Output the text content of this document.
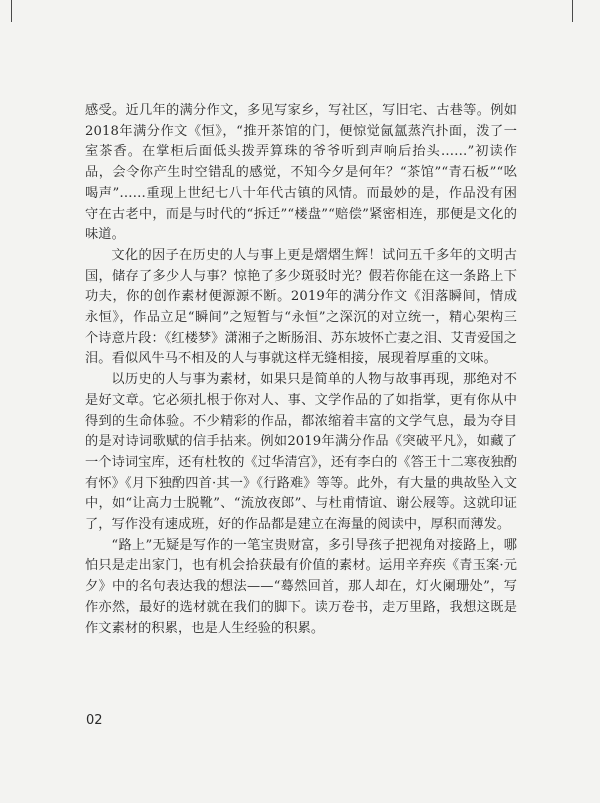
感受。近几年的满分作文，多见写家乡，写社区，写旧宅、古巷等。例如2018年满分作文《恒》，“推开茶馆的门，便惊觉氤氲蒸汽扑面，泼了一室茶香。在掌柜后面低头拨弄算珠的爷爷听到声响后抬头……”初读作品，会令你产生时空错乱的感觉，不知今夕是何年？“茶馆”“青石板”“吆喝声”……重现上世纪七八十年代古镇的风情。而最妙的是，作品没有困守在古老中，而是与时代的“拆迁”“楼盘”“赔偿”紧密相连，那便是文化的味道。

文化的因子在历史的人与事上更是熠熠生辉！试问五千多年的文明古国，储存了多少人与事？惊艳了多少斑驳时光？假若你能在这一条路上下功夫，你的创作素材便源源不断。2019年的满分作文《泪落瞬间，情成永恒》，作品立足“瞬间”之短暂与“永恒”之深沉的对立统一，精心架构三个诗意片段：《红楼梦》潇湘子之断肠泪、苏东坡怀亡妻之泪、艾青爱国之泪。看似风牛马不相及的人与事就这样无缝相接，展现着厚重的文味。

以历史的人与事为素材，如果只是简单的人物与故事再现，那绝对不是好文章。它必须扎根于你对人、事、文学作品的了如指掌，更有你从中得到的生命体验。不少精彩的作品，都浓缩着丰富的文学气息，最为夺目的是对诗词歌赋的信手拈来。例如2019年满分作品《突破平凡》，如藏了一个诗词宝库，还有杜牧的《过华清宫》，还有李白的《答王十二寒夜独酌有怀》《月下独酌四首·其一》《行路难》等等。此外，有大量的典故坠入文中，如“让高力士脱靴”、“流放夜郎”、与杜甫情谊、谢公屐等。这就印证了，写作没有速成班，好的作品都是建立在海量的阅读中，厚积而薄发。

“路上”无疑是写作的一笔宝贵财富，多引导孩子把视角对接路上，哪怕只是走出家门，也有机会拾获最有价值的素材。运用辛弃疾《青玉案·元夕》中的名句表达我的想法——“蓦然回首，那人却在，灯火阑珊处”，写作亦然，最好的选材就在我们的脚下。读万卷书，走万里路，我想这既是作文素材的积累，也是人生经验的积累。

02
